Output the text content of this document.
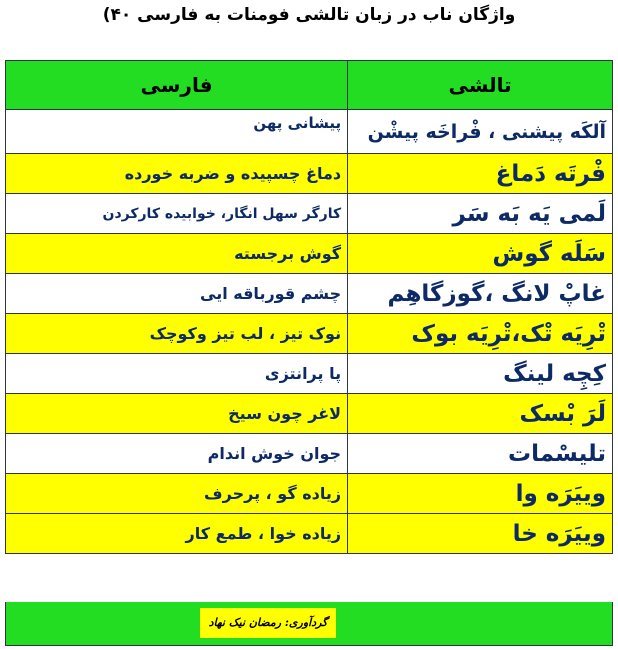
واژگان ناب در زبان تالشی فومنات به فارسی ۴۰)
تالشی	فارسی
آلکَه پیشنی ، فْراخَه پیشْن	پیشانی پهن
فْرتَه دَماغ	دماغ چسپیده و ضربه خورده
لَمی یَه بَه سَر	کارگر سهل انگار، خوابیده کارکردن
سَلَه گوش	گوش برجسته
غاپْ لانگ ،گوزگاهِم	چشم قورباقه ایی
تْرِیَه تْک،تْرِیَه بوک	نوک تیز ، لب تیز وکوچک
کِچِه لینگ	پا پرانتزی
لَرَ بْسک	لاغر چون سیخ
تلیسْمات	جوان خوش اندام
وییَرَه وا	زیاده گو ، پرحرف
وییَرَه خا	زیاده خوا ، طمع کار
گردآوری: رمضان نیک نهاد
